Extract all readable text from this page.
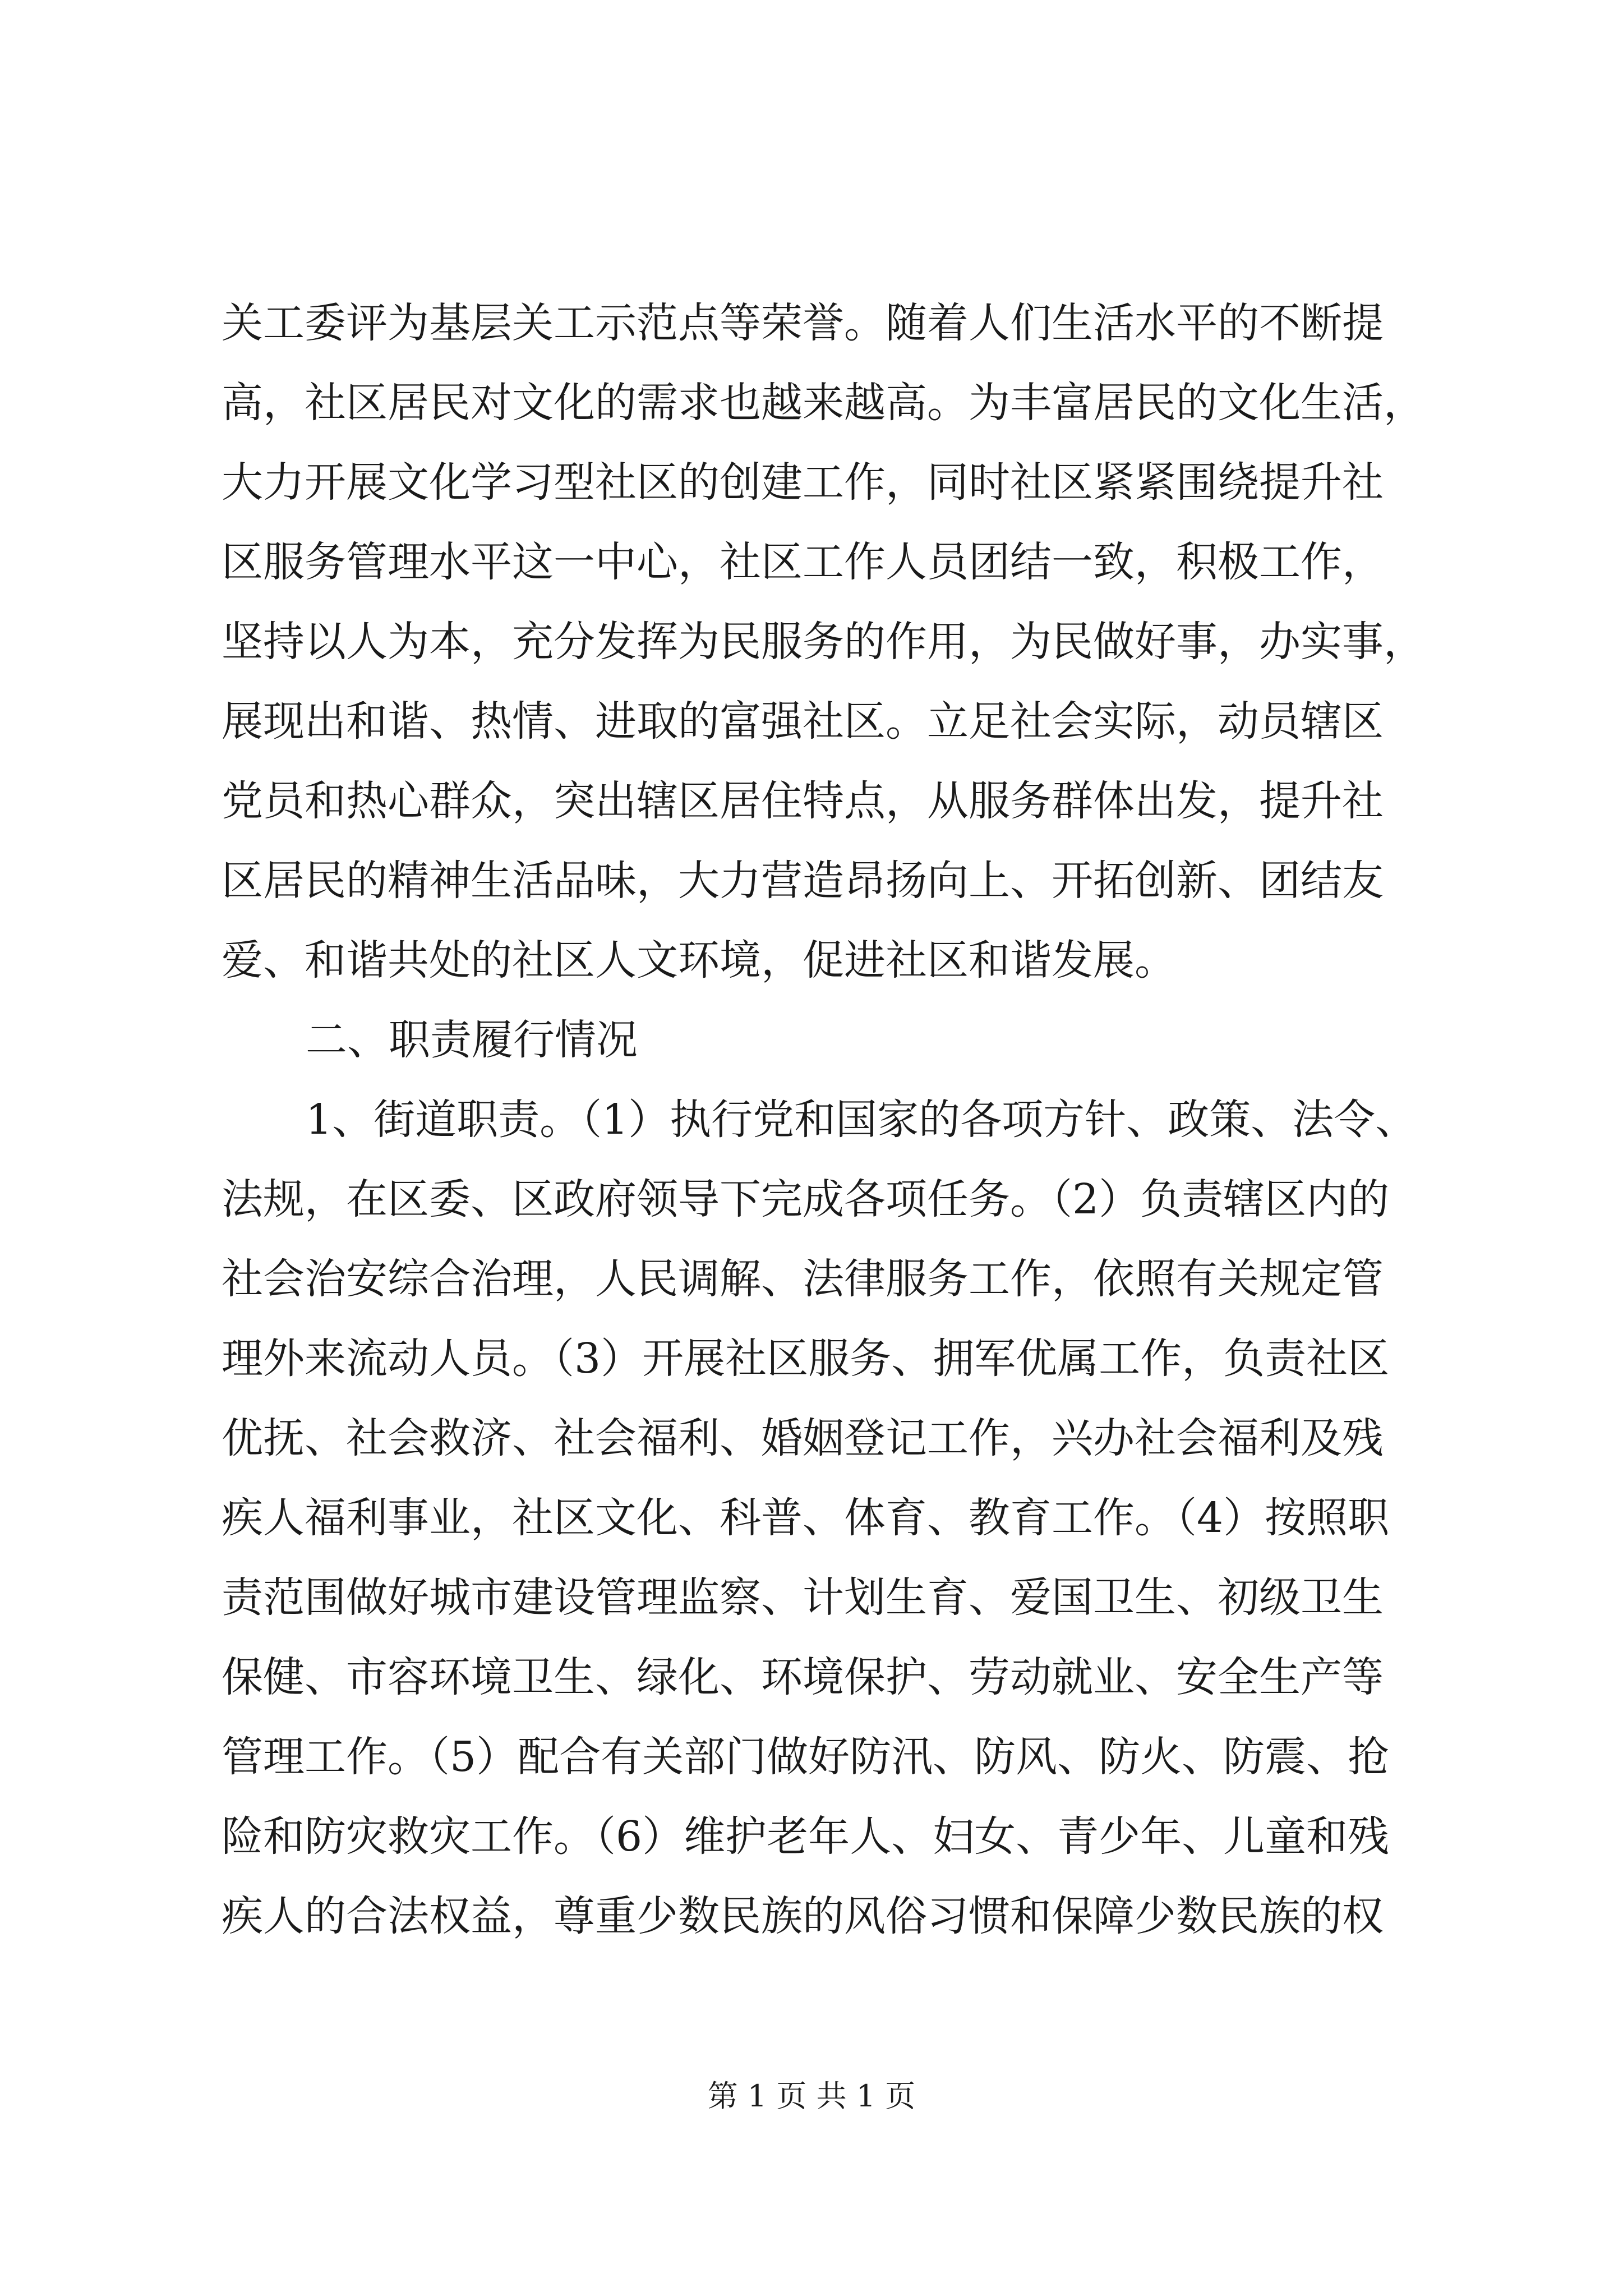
关工委评为基层关工示范点等荣誉。随着人们生活水平的不断提
高，社区居民对文化的需求也越来越高。为丰富居民的文化生活，
大力开展文化学习型社区的创建工作，同时社区紧紧围绕提升社
区服务管理水平这一中心，社区工作人员团结一致，积极工作，
坚持以人为本，充分发挥为民服务的作用，为民做好事，办实事，
展现出和谐、热情、进取的富强社区。立足社会实际，动员辖区
党员和热心群众，突出辖区居住特点，从服务群体出发，提升社
区居民的精神生活品味，大力营造昂扬向上、开拓创新、团结友
爱、和谐共处的社区人文环境，促进社区和谐发展。
二、职责履行情况
1、街道职责。（1）执行党和国家的各项方针、政策、法令、
法规，在区委、区政府领导下完成各项任务。（2）负责辖区内的
社会治安综合治理，人民调解、法律服务工作，依照有关规定管
理外来流动人员。（3）开展社区服务、拥军优属工作，负责社区
优抚、社会救济、社会福利、婚姻登记工作，兴办社会福利及残
疾人福利事业，社区文化、科普、体育、教育工作。（4）按照职
责范围做好城市建设管理监察、计划生育、爱国卫生、初级卫生
保健、市容环境卫生、绿化、环境保护、劳动就业、安全生产等
管理工作。（5）配合有关部门做好防汛、防风、防火、防震、抢
险和防灾救灾工作。（6）维护老年人、妇女、青少年、儿童和残
疾人的合法权益，尊重少数民族的风俗习惯和保障少数民族的权
第 1 页 共 1 页
